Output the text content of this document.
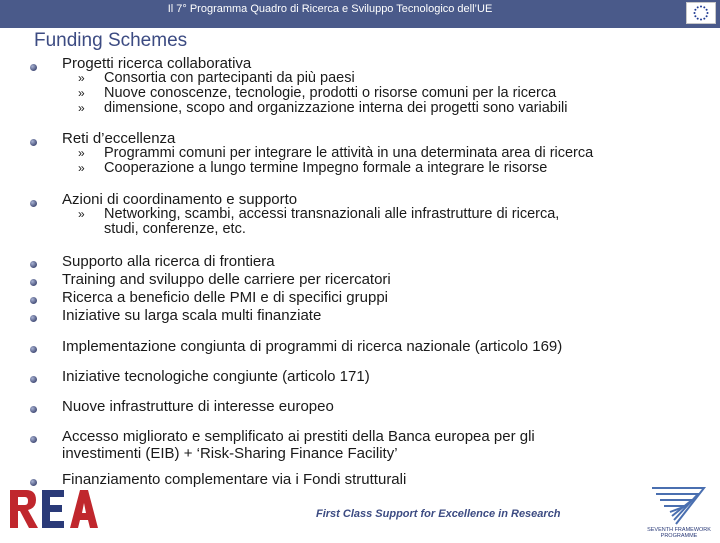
Il 7° Programma Quadro di Ricerca e Sviluppo Tecnologico dell’UE
Funding Schemes
Progetti ricerca collaborativa
» Consortia con partecipanti da più paesi
» Nuove conoscenze, tecnologie, prodotti o risorse comuni per la ricerca
» dimensione, scopo and organizzazione interna dei progetti sono variabili
Reti d’eccellenza
» Programmi comuni per integrare le attività in una determinata area di ricerca
» Cooperazione a lungo termine Impegno formale a integrare le risorse
Azioni di coordinamento e supporto
» Networking, scambi, accessi transnazionali alle infrastrutture di ricerca,
studi, conferenze, etc.
Supporto alla ricerca di frontiera
Training and sviluppo delle carriere per ricercatori
Ricerca a beneficio delle PMI e di specifici gruppi
Iniziative su larga scala multi finanziate
Implementazione congiunta di programmi di ricerca nazionale (articolo 169)
Iniziative tecnologiche congiunte (articolo 171)
Nuove infrastrutture di interesse europeo
Accesso migliorato e semplificato ai prestiti della Banca europea per gli
investimenti (EIB) + ‘Risk-Sharing Finance Facility’
Finanziamento complementare via i Fondi strutturali
First Class Support for Excellence in Research
SEVENTH FRAMEWORK
PROGRAMME
